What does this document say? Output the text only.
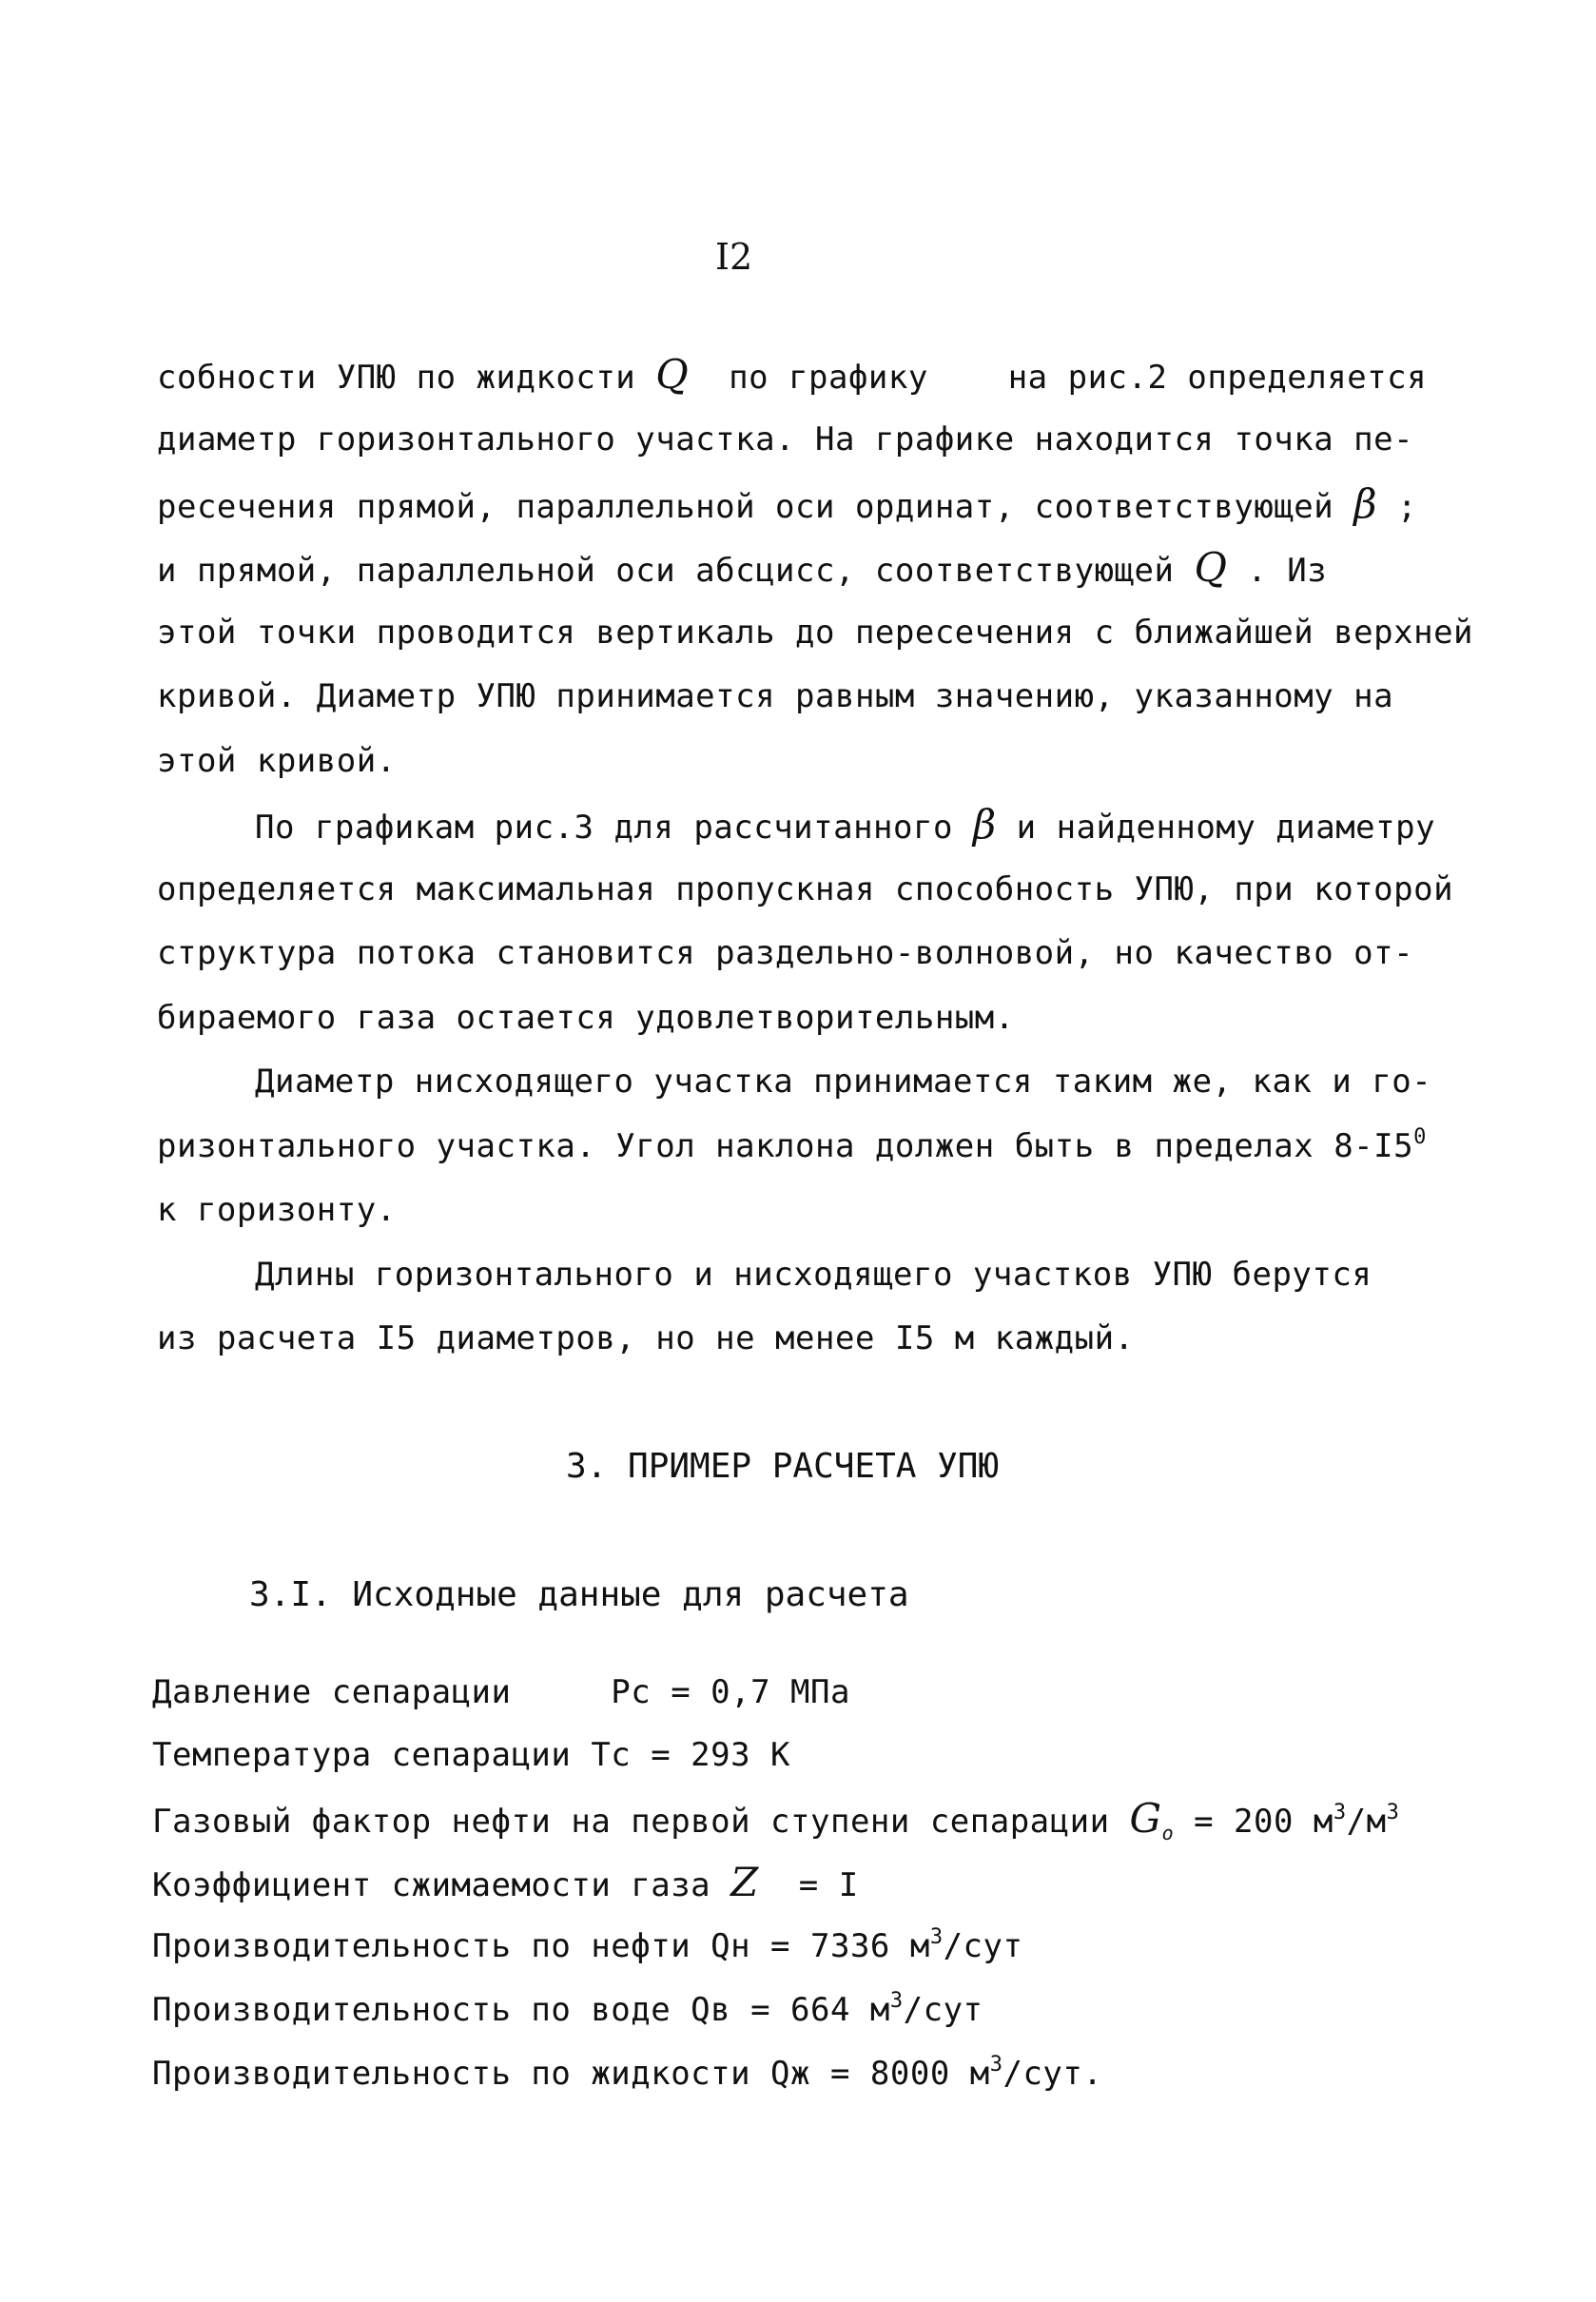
I2
собности УПЮ по жидкости Q  по графику    на рис.2 определяется
диаметр горизонтального участка. На графике находится точка пе-
ресечения прямой, параллельной оси ординат, соответствующей β ;
и прямой, параллельной оси абсцисс, соответствующей Q . Из
этой точки проводится вертикаль до пересечения с ближайшей верхней
кривой. Диаметр УПЮ принимается равным значению, указанному на
этой кривой.
По графикам рис.3 для рассчитанного β и найденному диаметру
определяется максимальная пропускная способность УПЮ, при которой
структура потока становится раздельно-волновой, но качество от-
бираемого газа остается удовлетворительным.
Диаметр нисходящего участка принимается таким же, как и го-
ризонтального участка. Угол наклона должен быть в пределах $8-I5^0$
к горизонту.
Длины горизонтального и нисходящего участков УПЮ берутся
из расчета I5 диаметров, но не менее I5 м каждый.
3. ПРИМЕР РАСЧЕТА УПЮ
3.I. Исходные данные для расчета
Давление сепарации     Рс = 0,7 МПа
Температура сепарации Тс = 293 К
Газовый фактор нефти на первой ступени сепарации $G_o = 200$ $м^3/м^3$
Коэффициент сжимаемости газа Z  = I
Производительность по нефти Qн = 7336 $м^3$/сут
Производительность по воде Qв = 664 $м^3$/сут
Производительность по жидкости Qж = 8000 $м^3$/сут.
